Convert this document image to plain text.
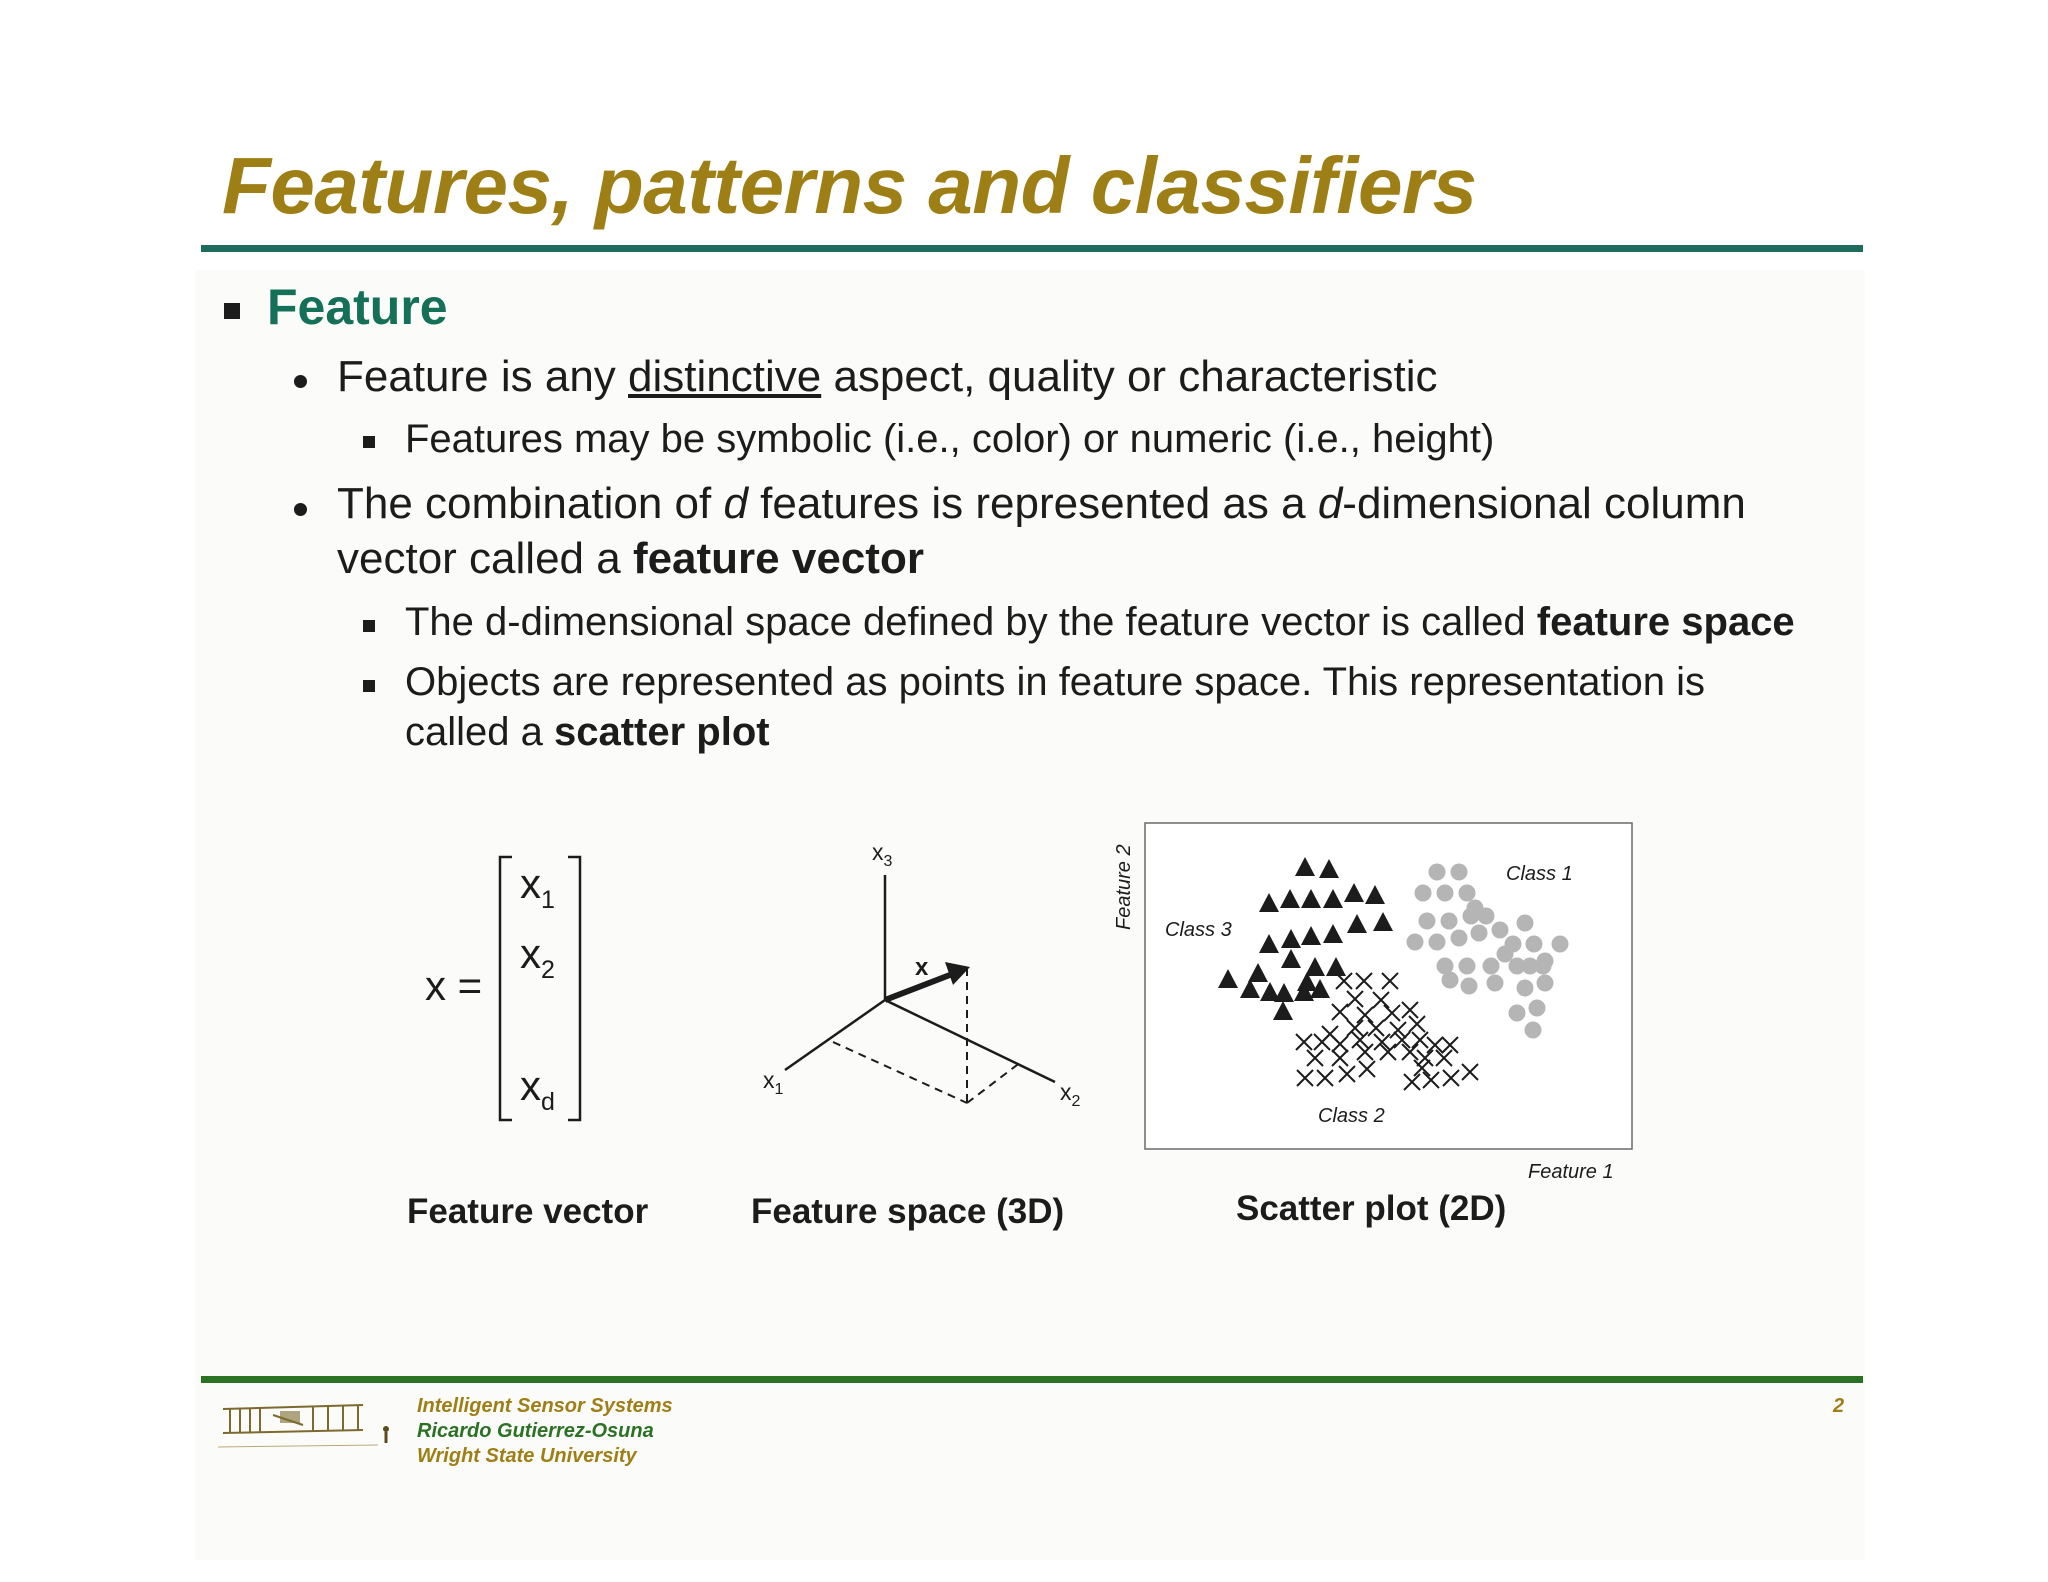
Features, patterns and classifiers
Feature
Feature is any distinctive aspect, quality or characteristic
Features may be symbolic (i.e., color) or numeric (i.e., height)
The combination of d features is represented as a d-dimensional column
vector called a feature vector
The d-dimensional space defined by the feature vector is called feature space
Objects are represented as points in feature space. This representation is
called a scatter plot
x =
$x_1$
$x_2$
$x_d$
x
$x_3$
$x_1$	$x_2$
Feature 2
Feature 1
Class 1
Class 2
Class 3
Feature vector	Feature space (3D)	Scatter plot (2D)
Intelligent Sensor Systems
Ricardo Gutierrez-Osuna
Wright State University
2
